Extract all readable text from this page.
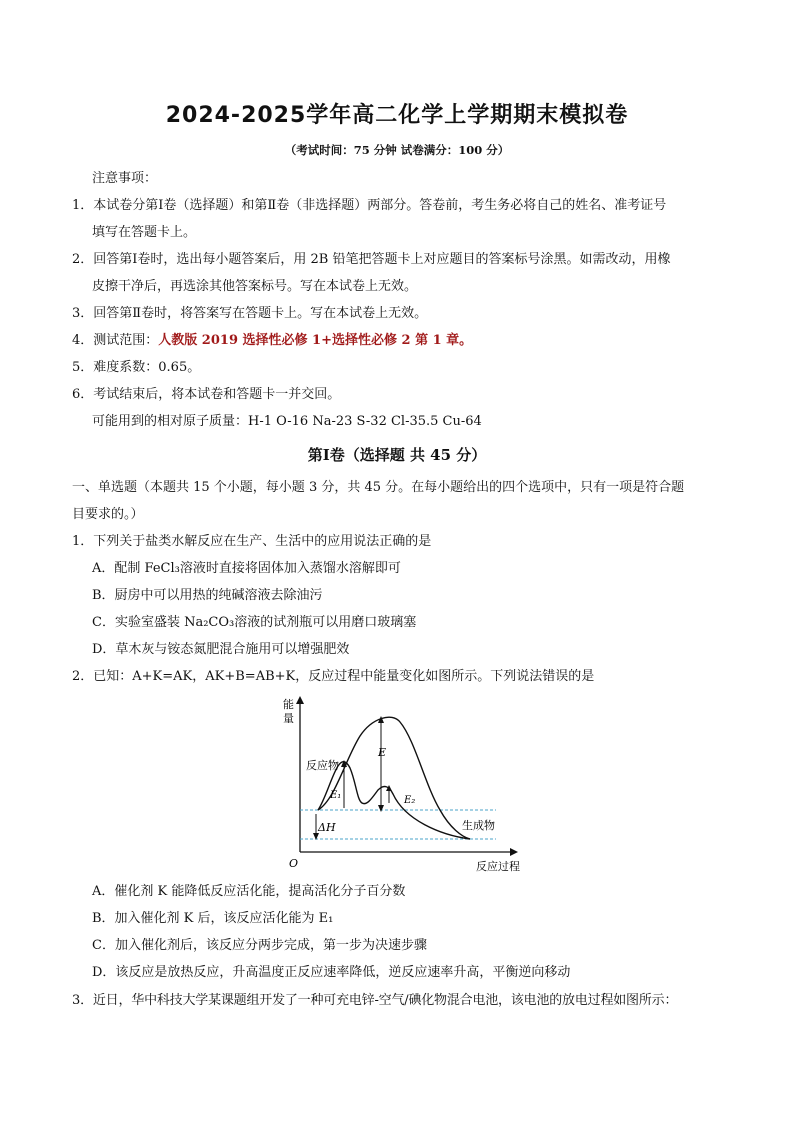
2024-2025学年高二化学上学期期末模拟卷
（考试时间：75 分钟 试卷满分：100 分）
注意事项：
1．本试卷分第Ⅰ卷（选择题）和第Ⅱ卷（非选择题）两部分。答卷前，考生务必将自己的姓名、准考证号
填写在答题卡上。
2．回答第Ⅰ卷时，选出每小题答案后，用 2B 铅笔把答题卡上对应题目的答案标号涂黑。如需改动，用橡
皮擦干净后，再选涂其他答案标号。写在本试卷上无效。
3．回答第Ⅱ卷时，将答案写在答题卡上。写在本试卷上无效。
4．测试范围：人教版 2019 选择性必修 1+选择性必修 2 第 1 章。
5．难度系数：0.65。
6．考试结束后，将本试卷和答题卡一并交回。
可能用到的相对原子质量：H-1 O-16 Na-23 S-32 Cl-35.5 Cu-64
第Ⅰ卷（选择题 共 45 分）
一、单选题（本题共 15 个小题，每小题 3 分，共 45 分。在每小题给出的四个选项中，只有一项是符合题
目要求的。）
1．下列关于盐类水解反应在生产、生活中的应用说法正确的是
A．配制 FeCl₃溶液时直接将固体加入蒸馏水溶解即可
B．厨房中可以用热的纯碱溶液去除油污
C．实验室盛装 Na₂CO₃溶液的试剂瓶可以用磨口玻璃塞
D．草木灰与铵态氮肥混合施用可以增强肥效
2．已知：A+K=AK，AK+B=AB+K，反应过程中能量变化如图所示。下列说法错误的是
能
量
O	反应过程
反应物
生成物
E
E₁	E₂
ΔH
A．催化剂 K 能降低反应活化能，提高活化分子百分数
B．加入催化剂 K 后，该反应活化能为 E₁
C．加入催化剂后，该反应分两步完成，第一步为决速步骤
D．该反应是放热反应，升高温度正反应速率降低，逆反应速率升高，平衡逆向移动
3．近日，华中科技大学某课题组开发了一种可充电锌-空气/碘化物混合电池，该电池的放电过程如图所示：
